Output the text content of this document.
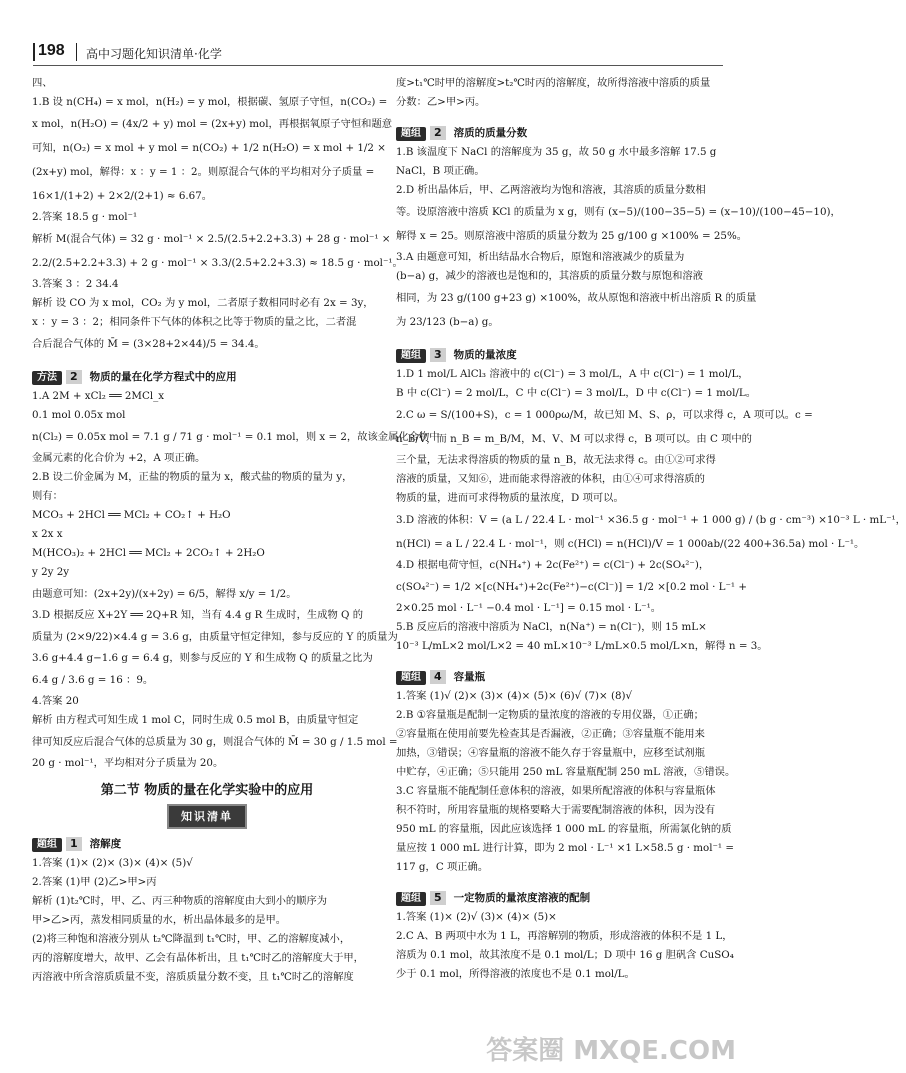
198 高中习题化知识清单·化学
四、
1.B 设 n(CH₄) = x mol，n(H₂) = y mol，根据碳、氢原子守恒，n(CO₂) =
x mol，n(H₂O) = (4x/2 + y) mol = (2x+y) mol，再根据氧原子守恒和题意
可知，n(O₂) = x mol + y mol = n(CO₂) + 1/2 n(H₂O) = x mol + 1/2 ×
(2x+y) mol，解得：x ：y = 1 ：2。则原混合气体的平均相对分子质量 =
16×1/(1+2) + 2×2/(2+1) ≈ 6.67。
2.答案 18.5 g · mol⁻¹
解析 M(混合气体) = 32 g · mol⁻¹ × 2.5/(2.5+2.2+3.3) + 28 g · mol⁻¹ ×
2.2/(2.5+2.2+3.3) + 2 g · mol⁻¹ × 3.3/(2.5+2.2+3.3) ≈ 18.5 g · mol⁻¹。
3.答案 3 ：2 34.4
解析 设 CO 为 x mol，CO₂ 为 y mol，二者原子数相同时必有 2x = 3y，
x ：y = 3 ：2；相同条件下气体的体积之比等于物质的量之比，二者混
合后混合气体的 M̄ = (3×28+2×44)/5 = 34.4。
方法 2 物质的量在化学方程式中的应用
1.A 2M + xCl₂ ══ 2MCl_x
0.1 mol 0.05x mol
n(Cl₂) = 0.05x mol = 7.1 g / 71 g · mol⁻¹ = 0.1 mol，则 x = 2，故该金属化合物中
金属元素的化合价为 +2，A 项正确。
2.B 设二价金属为 M，正盐的物质的量为 x，酸式盐的物质的量为 y，
则有：
MCO₃ + 2HCl ══ MCl₂ + CO₂↑ + H₂O
x 2x x
M(HCO₃)₂ + 2HCl ══ MCl₂ + 2CO₂↑ + 2H₂O
y 2y 2y
由题意可知：(2x+2y)/(x+2y) = 6/5，解得 x/y = 1/2。
3.D 根据反应 X+2Y ══ 2Q+R 知，当有 4.4 g R 生成时，生成物 Q 的
质量为 (2×9/22)×4.4 g = 3.6 g，由质量守恒定律知，参与反应的 Y 的质量为
3.6 g+4.4 g−1.6 g = 6.4 g，则参与反应的 Y 和生成物 Q 的质量之比为
6.4 g / 3.6 g = 16 ：9。
4.答案 20
解析 由方程式可知生成 1 mol C，同时生成 0.5 mol B，由质量守恒定
律可知反应后混合气体的总质量为 30 g，则混合气体的 M̄ = 30 g / 1.5 mol =
20 g · mol⁻¹，平均相对分子质量为 20。
第二节 物质的量在化学实验中的应用
知识清单
题组 1 溶解度
1.答案 (1)× (2)× (3)× (4)× (5)√
2.答案 (1)甲 (2)乙>甲>丙
解析 (1)t₂℃时，甲、乙、丙三种物质的溶解度由大到小的顺序为
甲>乙>丙，蒸发相同质量的水，析出晶体最多的是甲。
(2)将三种饱和溶液分别从 t₂℃降温到 t₁℃时，甲、乙的溶解度减小，
丙的溶解度增大，故甲、乙会有晶体析出，且 t₁℃时乙的溶解度大于甲，
丙溶液中所含溶质质量不变，溶质质量分数不变，且 t₁℃时乙的溶解度
度>t₁℃时甲的溶解度>t₂℃时丙的溶解度，故所得溶液中溶质的质量
分数：乙>甲>丙。
题组 2 溶质的质量分数
1.B 该温度下 NaCl 的溶解度为 35 g，故 50 g 水中最多溶解 17.5 g
NaCl，B 项正确。
2.D 析出晶体后，甲、乙两溶液均为饱和溶液，其溶质的质量分数相
等。设原溶液中溶质 KCl 的质量为 x g，则有 (x−5)/(100−35−5) = (x−10)/(100−45−10)，
解得 x = 25。则原溶液中溶质的质量分数为 25 g/100 g ×100% = 25%。
3.A 由题意可知，析出结晶水合物后，原饱和溶液减少的质量为
(b−a) g，减少的溶液也是饱和的，其溶质的质量分数与原饱和溶液
相同，为 23 g/(100 g+23 g) ×100%，故从原饱和溶液中析出溶质 R 的质量
为 23/123 (b−a) g。
题组 3 物质的量浓度
1.D 1 mol/L AlCl₃ 溶液中的 c(Cl⁻) = 3 mol/L，A 中 c(Cl⁻) = 1 mol/L，
B 中 c(Cl⁻) = 2 mol/L，C 中 c(Cl⁻) = 3 mol/L，D 中 c(Cl⁻) = 1 mol/L。
2.C ω = S/(100+S)，c = 1 000ρω/M，故已知 M、S、ρ，可以求得 c，A 项可以。c =
n_B/V，而 n_B = m_B/M，M、V、M 可以求得 c，B 项可以。由 C 项中的
三个量，无法求得溶质的物质的量 n_B，故无法求得 c。由①②可求得
溶液的质量，又知⑥，进而能求得溶液的体积，由①④可求得溶质的
物质的量，进而可求得物质的量浓度，D 项可以。
3.D 溶液的体积：V = (a L / 22.4 L · mol⁻¹ ×36.5 g · mol⁻¹ + 1 000 g) / (b g · cm⁻³) ×10⁻³ L · mL⁻¹，
n(HCl) = a L / 22.4 L · mol⁻¹，则 c(HCl) = n(HCl)/V = 1 000ab/(22 400+36.5a) mol · L⁻¹。
4.D 根据电荷守恒，c(NH₄⁺) + 2c(Fe²⁺) = c(Cl⁻) + 2c(SO₄²⁻)，
c(SO₄²⁻) = 1/2 ×[c(NH₄⁺)+2c(Fe²⁺)−c(Cl⁻)] = 1/2 ×[0.2 mol · L⁻¹ +
2×0.25 mol · L⁻¹ −0.4 mol · L⁻¹] = 0.15 mol · L⁻¹。
5.B 反应后的溶液中溶质为 NaCl，n(Na⁺) = n(Cl⁻)，则 15 mL×
10⁻³ L/mL×2 mol/L×2 = 40 mL×10⁻³ L/mL×0.5 mol/L×n，解得 n = 3。
题组 4 容量瓶
1.答案 (1)√ (2)× (3)× (4)× (5)× (6)√ (7)× (8)√
2.B ①容量瓶是配制一定物质的量浓度的溶液的专用仪器，①正确；
②容量瓶在使用前要先检查其是否漏液，②正确；③容量瓶不能用来
加热，③错误；④容量瓶的溶液不能久存于容量瓶中，应移至试剂瓶
中贮存，④正确；⑤只能用 250 mL 容量瓶配制 250 mL 溶液，⑤错误。
3.C 容量瓶不能配制任意体积的溶液，如果所配溶液的体积与容量瓶体
积不符时，所用容量瓶的规格要略大于需要配制溶液的体积，因为没有
950 mL 的容量瓶，因此应该选择 1 000 mL 的容量瓶，所需氯化钠的质
量应按 1 000 mL 进行计算，即为 2 mol · L⁻¹ ×1 L×58.5 g · mol⁻¹ =
117 g，C 项正确。
题组 5 一定物质的量浓度溶液的配制
1.答案 (1)× (2)√ (3)× (4)× (5)×
2.C A、B 两项中水为 1 L，再溶解别的物质，形成溶液的体积不是 1 L，
溶质为 0.1 mol，故其浓度不是 0.1 mol/L；D 项中 16 g 胆矾含 CuSO₄
少于 0.1 mol，所得溶液的浓度也不是 0.1 mol/L。
答案圈 MXQE.COM
